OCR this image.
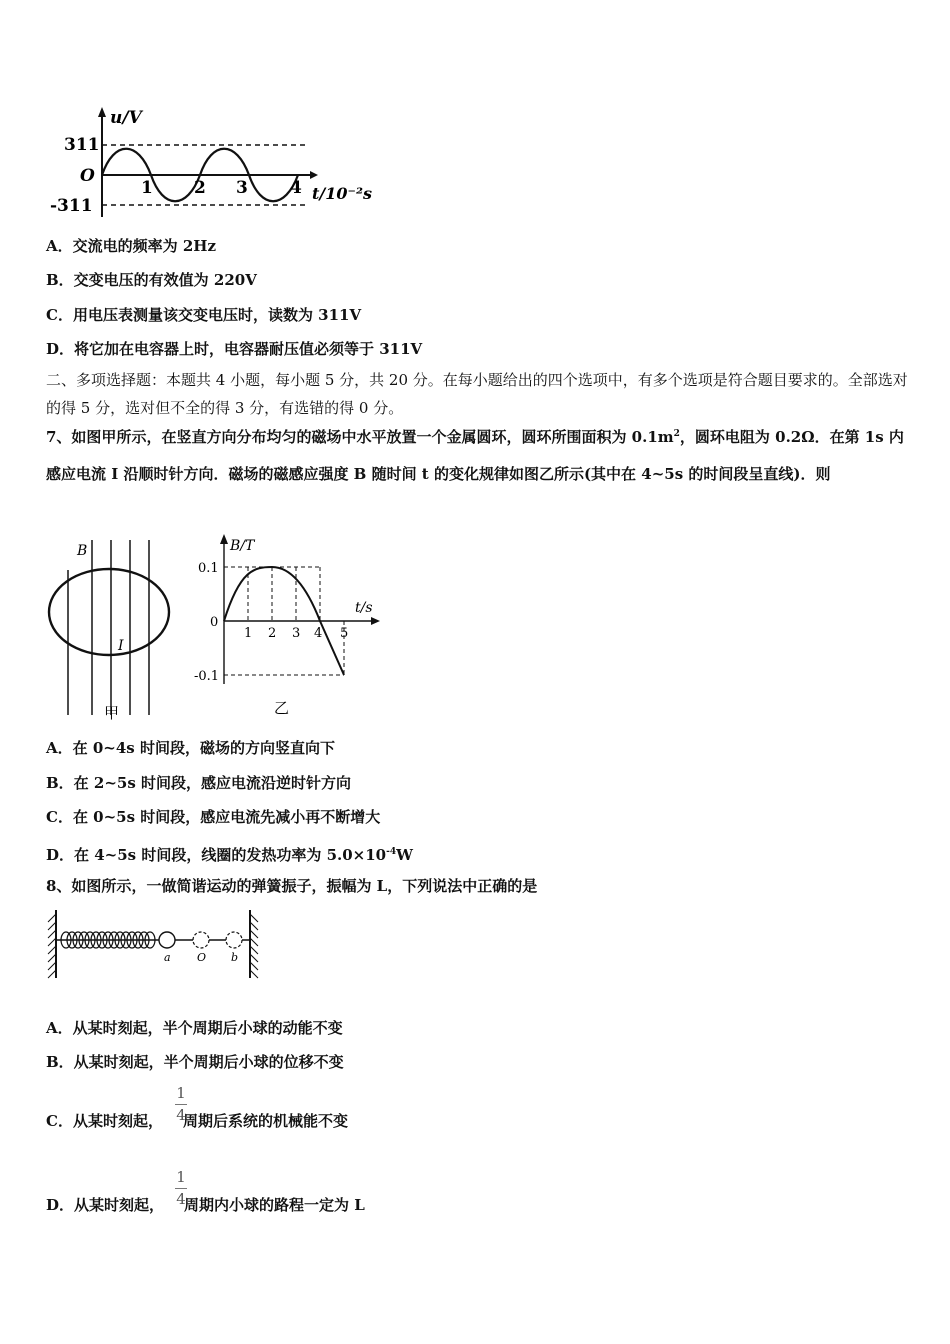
u/V
311
O
-311
1 2 3 4 t/10⁻²s
A．交流电的频率为 2Hz
B．交变电压的有效值为 220V
C．用电压表测量该交变电压时，读数为 311V
D．将它加在电容器上时，电容器耐压值必须等于 311V
二、多项选择题：本题共 4 小题，每小题 5 分，共 20 分。在每小题给出的四个选项中，有多个选项是符合题目要求的。全部选对的得 5 分，选对但不全的得 3 分，有选错的得 0 分。
7、如图甲所示，在竖直方向分布均匀的磁场中水平放置一个金属圆环，圆环所围面积为 $0.1m^2$，圆环电阻为 0.2Ω．在第 1s 内感应电流 I 沿顺时针方向．磁场的磁感应强度 B 随时间 t 的变化规律如图乙所示(其中在 4~5s 的时间段呈直线)．则
B
I
甲
B/T
t/s
0.1
0
-0.1
1 2 3 4 5
乙
A．在 0~4s 时间段，磁场的方向竖直向下
B．在 2~5s 时间段，感应电流沿逆时针方向
C．在 0~5s 时间段，感应电流先减小再不断增大
D．在 4~5s 时间段，线圈的发热功率为 $5.0\times 10^{-4}W$
8、如图所示，一做简谐运动的弹簧振子，振幅为 L，下列说法中正确的是
a O b
A．从某时刻起，半个周期后小球的动能不变
B．从某时刻起，半个周期后小球的位移不变
C．从某时刻起， 周期后系统的机械能不变
1
4
D．从某时刻起， 周期内小球的路程一定为 L
1
4
